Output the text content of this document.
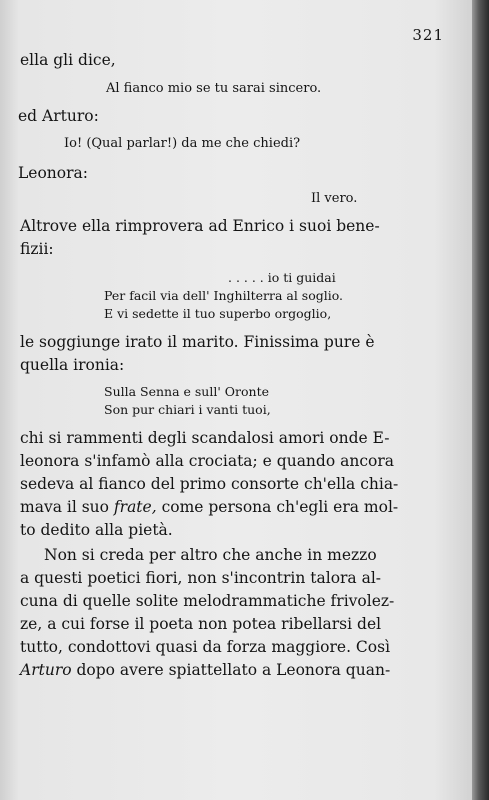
321
ella gli dice,
Al fianco mio se tu sarai sincero.
ed Arturo:
Io! (Qual parlar!) da me che chiedi?
Leonora:
Il vero.
Altrove ella rimprovera ad Enrico i suoi bene-
fizii:
. . . . . io ti guidai
Per facil via dell' Inghilterra al soglio.
E vi sedette il tuo superbo orgoglio,
le soggiunge irato il marito. Finissima pure è
quella ironia:
Sulla Senna e sull' Oronte
Son pur chiari i vanti tuoi,
chi si rammenti degli scandalosi amori onde E-
leonora s'infamò alla crociata; e quando ancora
sedeva al fianco del primo consorte ch'ella chia-
mava il suo frate, come persona ch'egli era mol-
to dedito alla pietà.
Non si creda per altro che anche in mezzo
a questi poetici fiori, non s'incontrin talora al-
cuna di quelle solite melodrammatiche frivolez-
ze, a cui forse il poeta non potea ribellarsi del
tutto, condottovi quasi da forza maggiore. Così
Arturo dopo avere spiattellato a Leonora quan-
